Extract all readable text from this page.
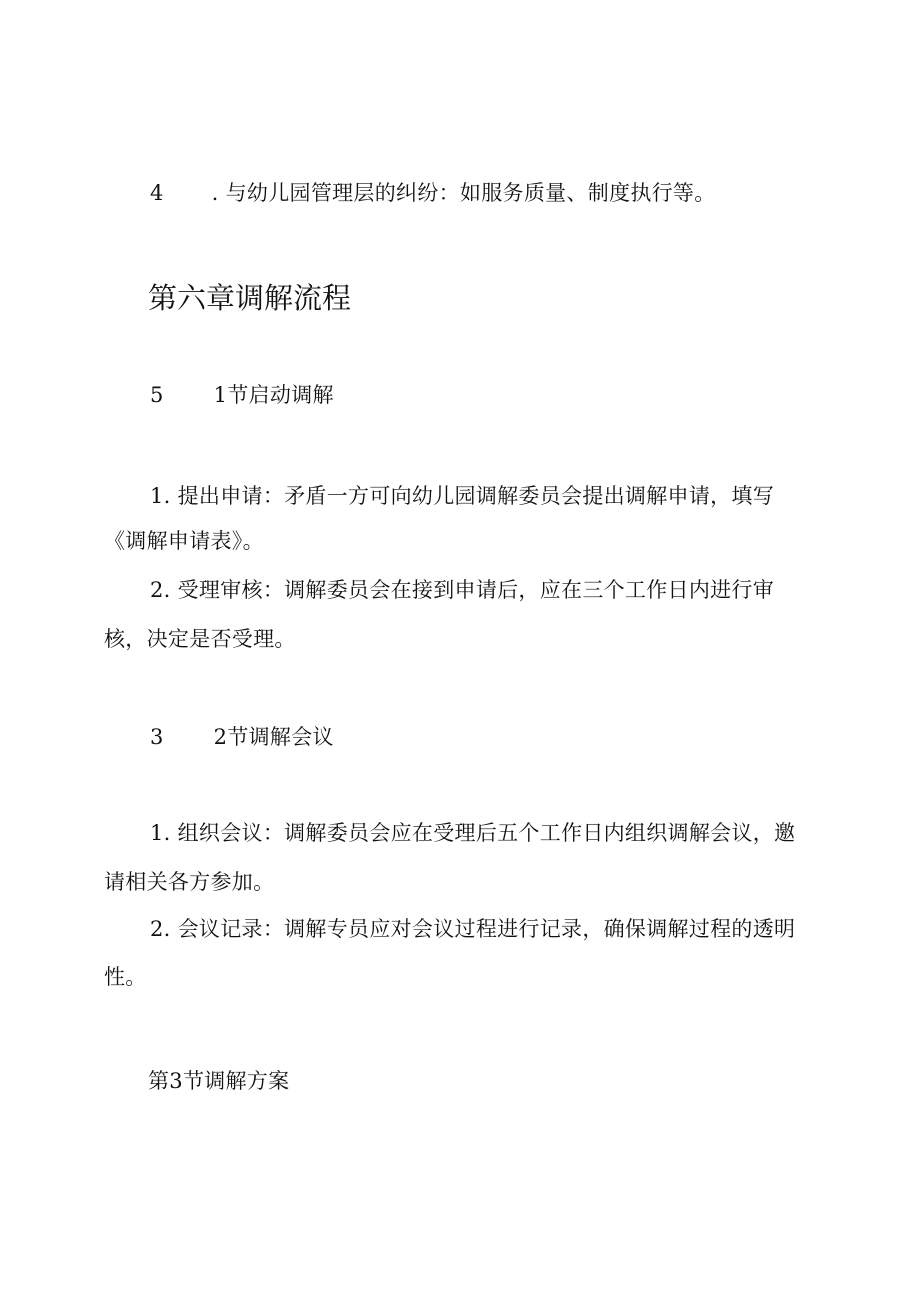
4 . 与幼儿园管理层的纠纷：如服务质量、制度执行等。
第六章调解流程
5 1节启动调解
1. 提出申请：矛盾一方可向幼儿园调解委员会提出调解申请，填写
《调解申请表》。
2. 受理审核：调解委员会在接到申请后，应在三个工作日内进行审
核，决定是否受理。
3 2节调解会议
1. 组织会议：调解委员会应在受理后五个工作日内组织调解会议，邀
请相关各方参加。
2. 会议记录：调解专员应对会议过程进行记录，确保调解过程的透明
性。
第3节调解方案
